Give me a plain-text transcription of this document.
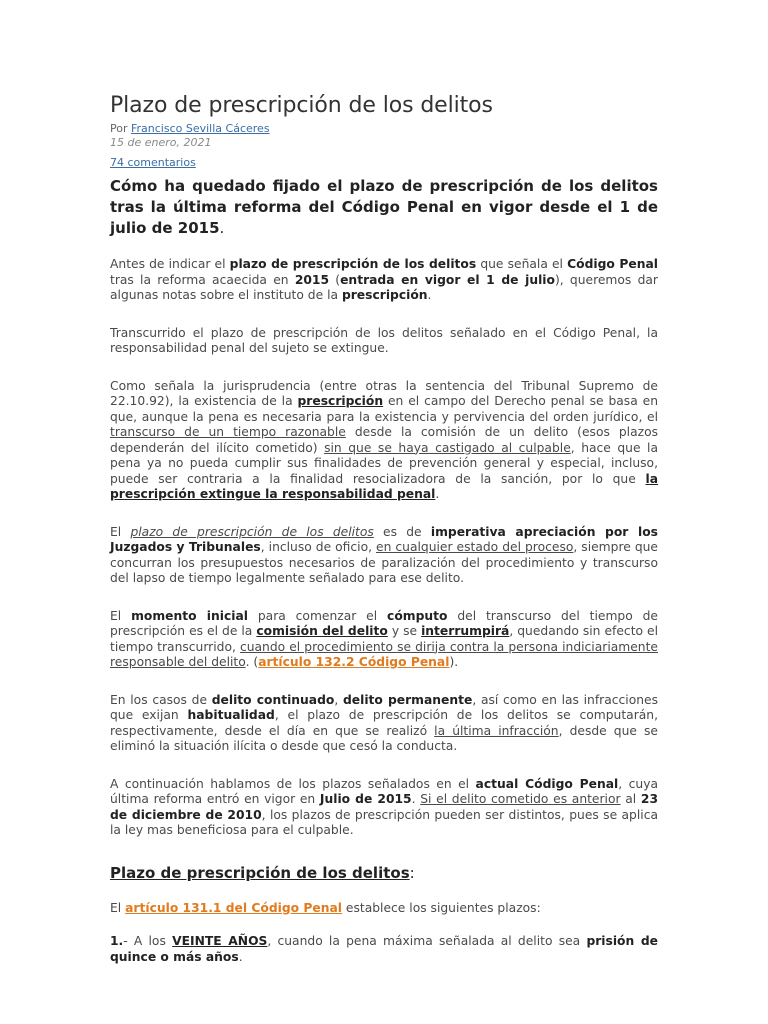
Plazo de prescripción de los delitos
Por Francisco Sevilla Cáceres
15 de enero, 2021
74 comentarios

Cómo ha quedado fijado el plazo de prescripción de los delitos tras la última reforma del Código Penal en vigor desde el 1 de julio de 2015.

Antes de indicar el plazo de prescripción de los delitos que señala el Código Penal tras la reforma acaecida en 2015 (entrada en vigor el 1 de julio), queremos dar algunas notas sobre el instituto de la prescripción.

Transcurrido el plazo de prescripción de los delitos señalado en el Código Penal, la responsabilidad penal del sujeto se extingue.

Como señala la jurisprudencia (entre otras la sentencia del Tribunal Supremo de 22.10.92), la existencia de la prescripción en el campo del Derecho penal se basa en que, aunque la pena es necesaria para la existencia y pervivencia del orden jurídico, el transcurso de un tiempo razonable desde la comisión de un delito (esos plazos dependerán del ilícito cometido) sin que se haya castigado al culpable, hace que la pena ya no pueda cumplir sus finalidades de prevención general y especial, incluso, puede ser contraria a la finalidad resocializadora de la sanción, por lo que la prescripción extingue la responsabilidad penal.

El plazo de prescripción de los delitos es de imperativa apreciación por los Juzgados y Tribunales, incluso de oficio, en cualquier estado del proceso, siempre que concurran los presupuestos necesarios de paralización del procedimiento y transcurso del lapso de tiempo legalmente señalado para ese delito.

El momento inicial para comenzar el cómputo del transcurso del tiempo de prescripción es el de la comisión del delito y se interrumpirá, quedando sin efecto el tiempo transcurrido, cuando el procedimiento se dirija contra la persona indiciariamente responsable del delito. (artículo 132.2 Código Penal).

En los casos de delito continuado, delito permanente, así como en las infracciones que exijan habitualidad, el plazo de prescripción de los delitos se computarán, respectivamente, desde el día en que se realizó la última infracción, desde que se eliminó la situación ilícita o desde que cesó la conducta.

A continuación hablamos de los plazos señalados en el actual Código Penal, cuya última reforma entró en vigor en Julio de 2015. Si el delito cometido es anterior al 23 de diciembre de 2010, los plazos de prescripción pueden ser distintos, pues se aplica la ley mas beneficiosa para el culpable.

Plazo de prescripción de los delitos:

El artículo 131.1 del Código Penal establece los siguientes plazos:

1.- A los VEINTE AÑOS, cuando la pena máxima señalada al delito sea prisión de quince o más años.
